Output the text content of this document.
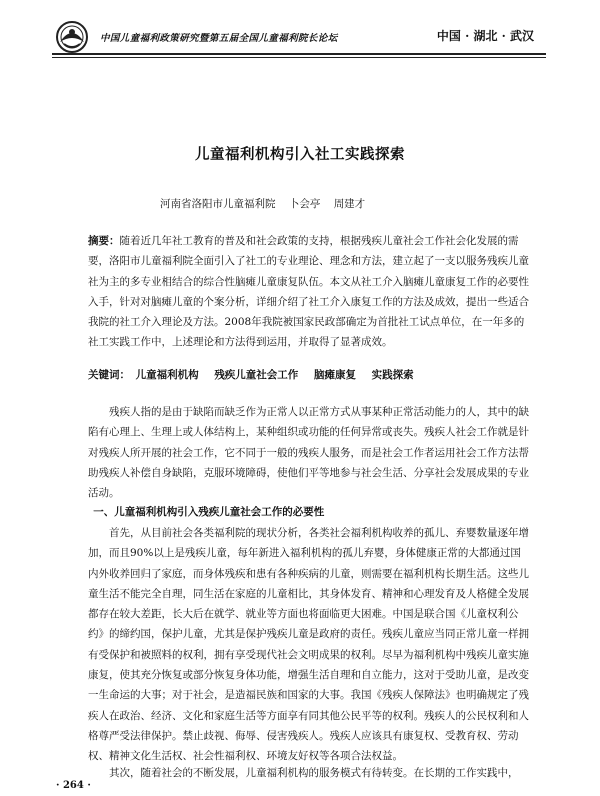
中国儿童福利政策研究暨第五届全国儿童福利院长论坛	中国 · 湖北 · 武汉
儿童福利机构引入社工实践探索
河南省洛阳市儿童福利院 卜会亭 周建才

摘要：随着近几年社工教育的普及和社会政策的支持，根据残疾儿童社会工作社会化发展的需要，洛阳市儿童福利院全面引入了社工的专业理论、理念和方法，建立起了一支以服务残疾儿童社为主的多专业相结合的综合性脑瘫儿童康复队伍。本文从社工介入脑瘫儿童康复工作的必要性入手，针对对脑瘫儿童的个案分析，详细介绍了社工介入康复工作的方法及成效，提出一些适合我院的社工介入理论及方法。2008年我院被国家民政部确定为首批社工试点单位，在一年多的社工实践工作中，上述理论和方法得到运用，并取得了显著成效。

关键词： 儿童福利机构 残疾儿童社会工作 脑瘫康复 实践探索

残疾人指的是由于缺陷而缺乏作为正常人以正常方式从事某种正常活动能力的人，其中的缺陷有心理上、生理上或人体结构上，某种组织或功能的任何异常或丧失。残疾人社会工作就是针对残疾人所开展的社会工作，它不同于一般的残疾人服务，而是社会工作者运用社会工作方法帮助残疾人补偿自身缺陷，克服环境障碍，使他们平等地参与社会生活、分享社会发展成果的专业活动。

一、儿童福利机构引入残疾儿童社会工作的必要性

首先，从目前社会各类福利院的现状分析，各类社会福利机构收养的孤儿、弃婴数量逐年增加，而且90%以上是残疾儿童，每年新进入福利机构的孤儿弃婴，身体健康正常的大都通过国内外收养回归了家庭，而身体残疾和患有各种疾病的儿童，则需要在福利机构长期生活。这些儿童生活不能完全自理，同生活在家庭的儿童相比，其身体发育、精神和心理发育及人格健全发展都存在较大差距，长大后在就学、就业等方面也将面临更大困难。中国是联合国《儿童权利公约》的缔约国，保护儿童，尤其是保护残疾儿童是政府的责任。残疾儿童应当同正常儿童一样拥有受保护和被照料的权利，拥有享受现代社会文明成果的权利。尽早为福利机构中残疾儿童实施康复，使其充分恢复或部分恢复身体功能，增强生活自理和自立能力，这对于受助儿童，是改变一生命运的大事；对于社会，是造福民族和国家的大事。我国《残疾人保障法》也明确规定了残疾人在政治、经济、文化和家庭生活等方面享有同其他公民平等的权利。残疾人的公民权利和人格尊严受法律保护。禁止歧视、侮辱、侵害残疾人。残疾人应该具有康复权、受教育权、劳动权、精神文化生活权、社会性福利权、环境友好权等各项合法权益。

其次，随着社会的不断发展，儿童福利机构的服务模式有待转变。在长期的工作实践中，

· 264 ·
